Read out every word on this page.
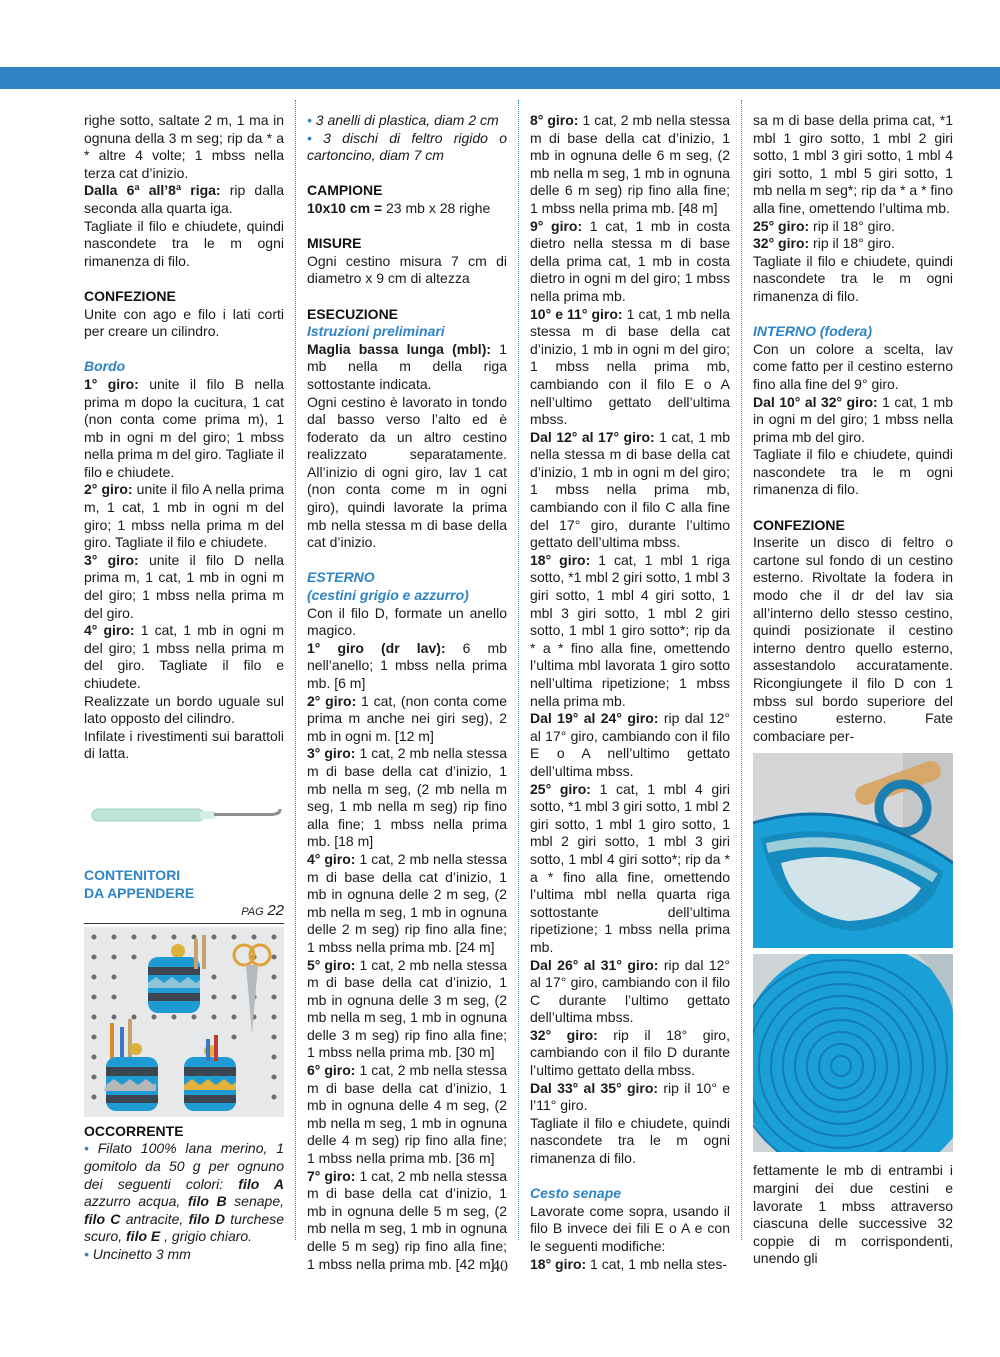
righe sotto, saltate 2 m, 1 ma in ognuna della 3 m seg; rip da * a * altre 4 volte; 1 mbss nella terza cat d’inizio.

Dalla 6ª all’8ª riga: rip dalla seconda alla quarta iga.

Tagliate il filo e chiudete, quindi nascondete tra le m ogni rimanenza di filo.

CONFEZIONE

Unite con ago e filo i lati corti per creare un cilindro.

Bordo

1° giro: unite il filo B nella prima m dopo la cucitura, 1 cat (non conta come prima m), 1 mb in ogni m del giro; 1 mbss nella prima m del giro. Tagliate il filo e chiudete.

2° giro: unite il filo A nella prima m, 1 cat, 1 mb in ogni m del giro; 1 mbss nella prima m del giro. Tagliate il filo e chiudete.

3° giro: unite il filo D nella prima m, 1 cat, 1 mb in ogni m del giro; 1 mbss nella prima m del giro.

4° giro: 1 cat, 1 mb in ogni m del giro; 1 mbss nella prima m del giro. Tagliate il filo e chiudete.

Realizzate un bordo uguale sul lato opposto del cilindro.

Infilate i rivestimenti sui barattoli di latta.

CONTENITORI

DA APPENDERE

PAG 22

OCCORRENTE

• Filato 100% lana merino, 1 gomitolo da 50 g per ognuno dei seguenti colori: filo A azzurro acqua, filo B senape, filo C antracite, filo D turchese scuro, filo E , grigio chiaro.

• Uncinetto 3 mm

• 3 anelli di plastica, diam 2 cm

• 3 dischi di feltro rigido o cartoncino, diam 7 cm

CAMPIONE

10x10 cm = 23 mb x 28 righe

MISURE

Ogni cestino misura 7 cm di diametro x 9 cm di altezza

ESECUZIONE

Istruzioni preliminari

Maglia bassa lunga (mbl): 1 mb nella m della riga sottostante indicata.

Ogni cestino è lavorato in tondo dal basso verso l’alto ed è foderato da un altro cestino realizzato separatamente. All’inizio di ogni giro, lav 1 cat (non conta come m in ogni giro), quindi lavorate la prima mb nella stessa m di base della cat d’inizio.

ESTERNO

(cestini grigio e azzurro)

Con il filo D, formate un anello magico.

1° giro (dr lav): 6 mb nell’anello; 1 mbss nella prima mb. [6 m]

2° giro: 1 cat, (non conta come prima m anche nei giri seg), 2 mb in ogni m. [12 m]

3° giro: 1 cat, 2 mb nella stessa m di base della cat d’inizio, 1 mb nella m seg, (2 mb nella m seg, 1 mb nella m seg) rip fino alla fine; 1 mbss nella prima mb. [18 m]

4° giro: 1 cat, 2 mb nella stessa m di base della cat d’inizio, 1 mb in ognuna delle 2 m seg, (2 mb nella m seg, 1 mb in ognuna delle 2 m seg) rip fino alla fine; 1 mbss nella prima mb. [24 m]

5° giro: 1 cat, 2 mb nella stessa m di base della cat d’inizio, 1 mb in ognuna delle 3 m seg, (2 mb nella m seg, 1 mb in ognuna delle 3 m seg) rip fino alla fine; 1 mbss nella prima mb. [30 m]

6° giro: 1 cat, 2 mb nella stessa m di base della cat d’inizio, 1 mb in ognuna delle 4 m seg, (2 mb nella m seg, 1 mb in ognuna delle 4 m seg) rip fino alla fine; 1 mbss nella prima mb. [36 m]

7° giro: 1 cat, 2 mb nella stessa m di base della cat d’inizio, 1 mb in ognuna delle 5 m seg, (2 mb nella m seg, 1 mb in ognuna delle 5 m seg) rip fino alla fine; 1 mbss nella prima mb. [42 m]

8° giro: 1 cat, 2 mb nella stessa m di base della cat d’inizio, 1 mb in ognuna delle 6 m seg, (2 mb nella m seg, 1 mb in ognuna delle 6 m seg) rip fino alla fine; 1 mbss nella prima mb. [48 m]

9° giro: 1 cat, 1 mb in costa dietro nella stessa m di base della prima cat, 1 mb in costa dietro in ogni m del giro; 1 mbss nella prima mb.

10° e 11° giro: 1 cat, 1 mb nella stessa m di base della cat d’inizio, 1 mb in ogni m del giro; 1 mbss nella prima mb, cambiando con il filo E o A nell’ultimo gettato dell’ultima mbss.

Dal 12° al 17° giro: 1 cat, 1 mb nella stessa m di base della cat d’inizio, 1 mb in ogni m del giro; 1 mbss nella prima mb, cambiando con il filo C alla fine del 17° giro, durante l’ultimo gettato dell’ultima mbss.

18° giro: 1 cat, 1 mbl 1 riga sotto, *1 mbl 2 giri sotto, 1 mbl 3 giri sotto, 1 mbl 4 giri sotto, 1 mbl 3 giri sotto, 1 mbl 2 giri sotto, 1 mbl 1 giro sotto*; rip da * a * fino alla fine, omettendo l’ultima mbl lavorata 1 giro sotto nell’ultima ripetizione; 1 mbss nella prima mb.

Dal 19° al 24° giro: rip dal 12° al 17° giro, cambiando con il filo E o A nell’ultimo gettato dell’ultima mbss.

25° giro: 1 cat, 1 mbl 4 giri sotto, *1 mbl 3 giri sotto, 1 mbl 2 giri sotto, 1 mbl 1 giro sotto, 1 mbl 2 giri sotto, 1 mbl 3 giri sotto, 1 mbl 4 giri sotto*; rip da * a * fino alla fine, omettendo l’ultima mbl nella quarta riga sottostante dell’ultima ripetizione; 1 mbss nella prima mb.

Dal 26° al 31° giro: rip dal 12° al 17° giro, cambiando con il filo C durante l’ultimo gettato dell’ultima mbss.

32° giro: rip il 18° giro, cambiando con il filo D durante l’ultimo gettato della mbss.

Dal 33° al 35° giro: rip il 10° e l’11° giro.

Tagliate il filo e chiudete, quindi nascondete tra le m ogni rimanenza di filo.

Cesto senape

Lavorate come sopra, usando il filo B invece dei fili E o A e con le seguenti modifiche:

18° giro: 1 cat, 1 mb nella stes-

sa m di base della prima cat, *1 mbl 1 giro sotto, 1 mbl 2 giri sotto, 1 mbl 3 giri sotto, 1 mbl 4 giri sotto, 1 mbl 5 giri sotto, 1 mb nella m seg*; rip da * a * fino alla fine, omettendo l’ultima mb.

25° giro: rip il 18° giro.

32° giro: rip il 18° giro.

Tagliate il filo e chiudete, quindi nascondete tra le m ogni rimanenza di filo.

INTERNO (fodera)

Con un colore a scelta, lav come fatto per il cestino esterno fino alla fine del 9° giro.

Dal 10° al 32° giro: 1 cat, 1 mb in ogni m del giro; 1 mbss nella prima mb del giro.

Tagliate il filo e chiudete, quindi nascondete tra le m ogni rimanenza di filo.

CONFEZIONE

Inserite un disco di feltro o cartone sul fondo di un cestino esterno. Rivoltate la fodera in modo che il dr del lav sia all’interno dello stesso cestino, quindi posizionate il cestino interno dentro quello esterno, assestandolo accuratamente. Ricongiungete il filo D con 1 mbss sul bordo superiore del cestino esterno. Fate combaciare per-

fettamente le mb di entrambi i margini dei due cestini e lavorate 1 mbss attraverso ciascuna delle successive 32 coppie di m corrispondenti, unendo gli

40
